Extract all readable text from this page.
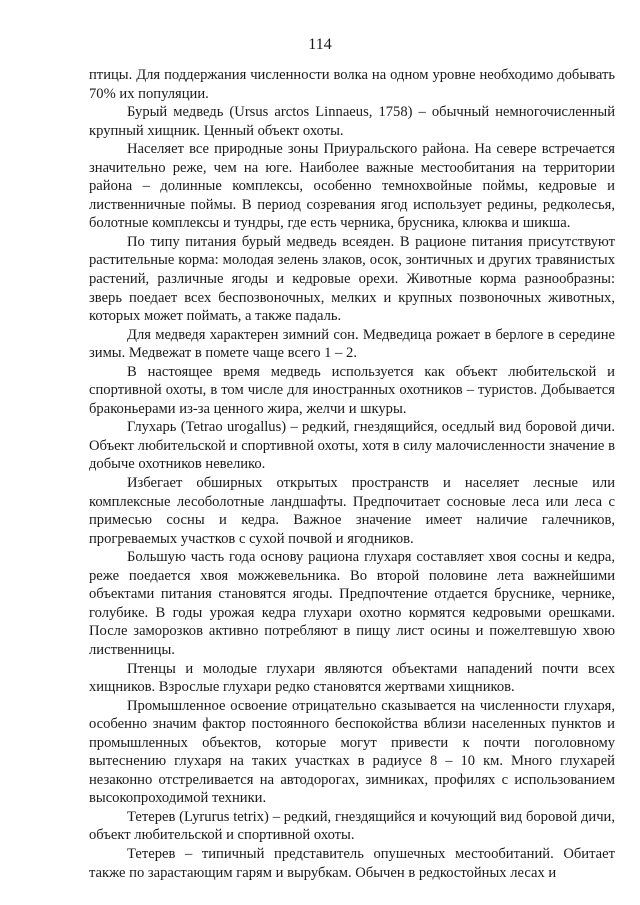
114

птицы. Для поддержания численности волка на одном уровне необходимо добывать 70% их популяции.

Бурый медведь (Ursus arctos Linnaeus, 1758) – обычный немногочисленный крупный хищник. Ценный объект охоты.

Населяет все природные зоны Приуральского района. На севере встречается значительно реже, чем на юге. Наиболее важные местообитания на территории района – долинные комплексы, особенно темнохвойные поймы, кедровые и лиственничные поймы. В период созревания ягод использует редины, редколесья, болотные комплексы и тундры, где есть черника, брусника, клюква и шикша.

По типу питания бурый медведь всеяден. В рационе питания присутствуют растительные корма: молодая зелень злаков, осок, зонтичных и других травянистых растений, различные ягоды и кедровые орехи. Животные корма разнообразны: зверь поедает всех беспозвоночных, мелких и крупных позвоночных животных, которых может поймать, а также падаль.

Для медведя характерен зимний сон. Медведица рожает в берлоге в середине зимы. Медвежат в помете чаще всего 1 – 2.

В настоящее время медведь используется как объект любительской и спортивной охоты, в том числе для иностранных охотников – туристов. Добывается браконьерами из-за ценного жира, желчи и шкуры.

Глухарь (Tetrao urogallus) – редкий, гнездящийся, оседлый вид боровой дичи. Объект любительской и спортивной охоты, хотя в силу малочисленности значение в добыче охотников невелико.

Избегает обширных открытых пространств и населяет лесные или комплексные лесоболотные ландшафты. Предпочитает сосновые леса или леса с примесью сосны и кедра. Важное значение имеет наличие галечников, прогреваемых участков с сухой почвой и ягодников.

Большую часть года основу рациона глухаря составляет хвоя сосны и кедра, реже поедается хвоя можжевельника. Во второй половине лета важнейшими объектами питания становятся ягоды. Предпочтение отдается бруснике, чернике, голубике. В годы урожая кедра глухари охотно кормятся кедровыми орешками. После заморозков активно потребляют в пищу лист осины и пожелтевшую хвою лиственницы.

Птенцы и молодые глухари являются объектами нападений почти всех хищников. Взрослые глухари редко становятся жертвами хищников.

Промышленное освоение отрицательно сказывается на численности глухаря, особенно значим фактор постоянного беспокойства вблизи населенных пунктов и промышленных объектов, которые могут привести к почти поголовному вытеснению глухаря на таких участках в радиусе 8 – 10 км. Много глухарей незаконно отстреливается на автодорогах, зимниках, профилях с использованием высокопроходимой техники.

Тетерев (Lyrurus tetrix) – редкий, гнездящийся и кочующий вид боровой дичи, объект любительской и спортивной охоты.

Тетерев – типичный представитель опушечных местообитаний. Обитает также по зарастающим гарям и вырубкам. Обычен в редкостойных лесах и
